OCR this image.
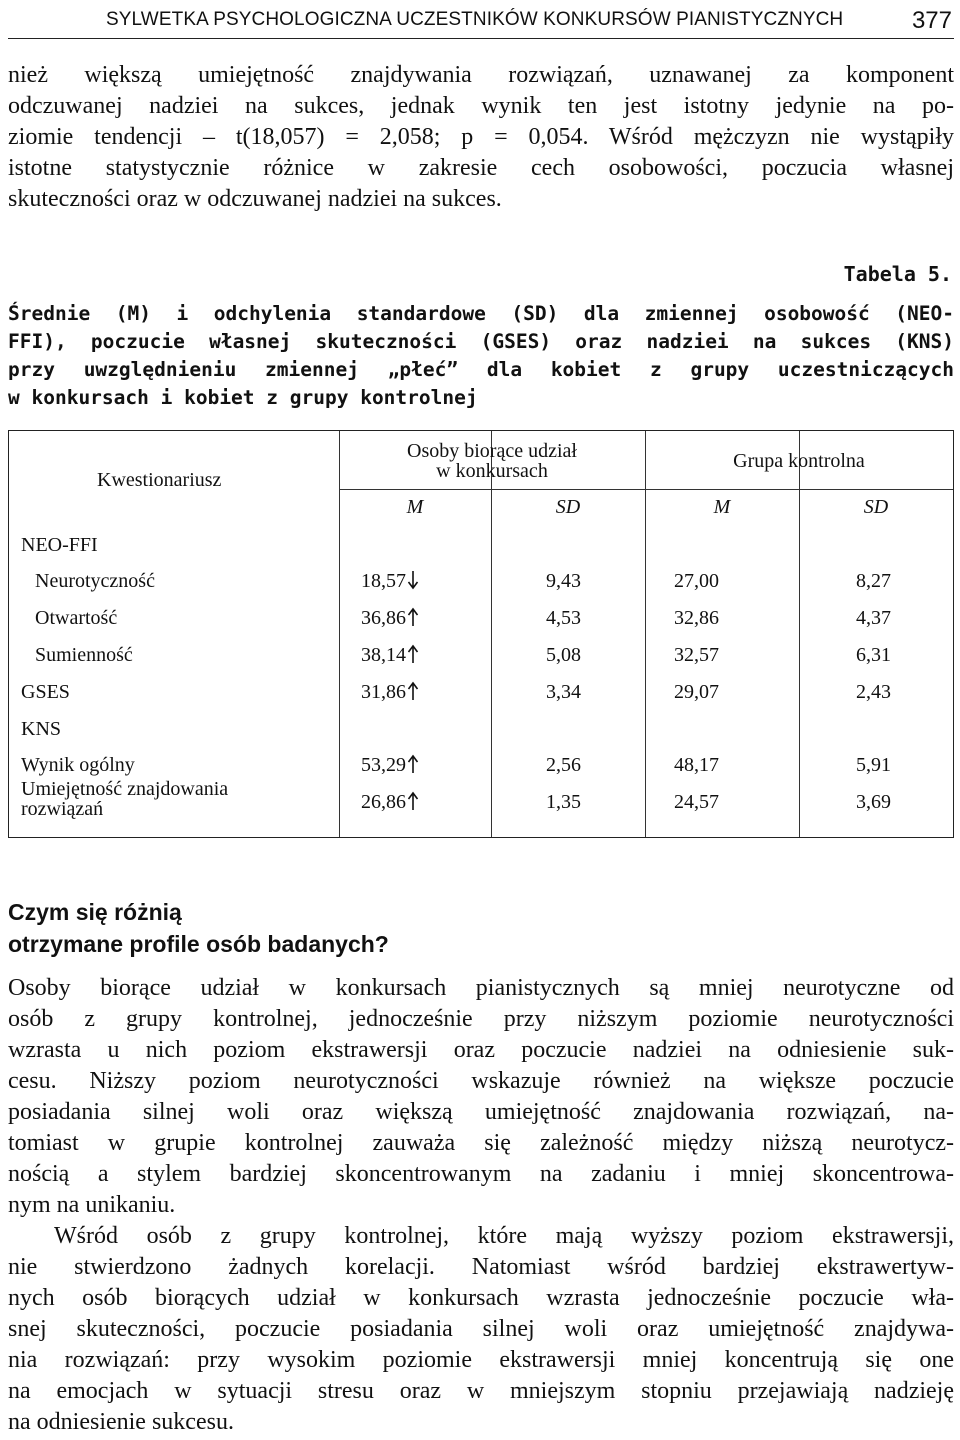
SYLWETKA PSYCHOLOGICZNA UCZESTNIKÓW KONKURSÓW PIANISTYCZNYCH	377
nież większą umiejętność znajdywania rozwiązań, uznawanej za komponent
odczuwanej nadziei na sukces, jednak wynik ten jest istotny jedynie na po-
ziomie tendencji – t(18,057) = 2,058; p = 0,054. Wśród mężczyzn nie wystąpiły
istotne statystycznie różnice w zakresie cech osobowości, poczucia własnej
skuteczności oraz w odczuwanej nadziei na sukces.
Tabela 5.
Średnie (M) i odchylenia standardowe (SD) dla zmiennej osobowość (NEO-
FFI), poczucie własnej skuteczności (GSES) oraz nadziei na sukces (KNS)
przy uwzględnieniu zmiennej „płeć” dla kobiet z grupy uczestniczących
w konkursach i kobiet z grupy kontrolnej
Kwestionariusz
Osoby biorące udział
w konkursach	Grupa kontrolna
M	SD	M	SD
NEO-FFI
Neurotyczność	18,57	9,43	27,00	8,27
Otwartość	36,86	4,53	32,86	4,37
Sumienność	38,14	5,08	32,57	6,31
GSES	31,86	3,34	29,07	2,43
KNS
Wynik ogólny	53,29	2,56	48,17	5,91
Umiejętność znajdowania rozwiązań	26,86	1,35	24,57	3,69
Czym się różnią
otrzymane profile osób badanych?
Osoby biorące udział w konkursach pianistycznych są mniej neurotyczne od
osób z grupy kontrolnej, jednocześnie przy niższym poziomie neurotyczności
wzrasta u nich poziom ekstrawersji oraz poczucie nadziei na odniesienie suk-
cesu. Niższy poziom neurotyczności wskazuje również na większe poczucie
posiadania silnej woli oraz większą umiejętność znajdowania rozwiązań, na-
tomiast w grupie kontrolnej zauważa się zależność między niższą neurotycz-
nością a stylem bardziej skoncentrowanym na zadaniu i mniej skoncentrowa-
nym na unikaniu.
Wśród osób z grupy kontrolnej, które mają wyższy poziom ekstrawersji,
nie stwierdzono żadnych korelacji. Natomiast wśród bardziej ekstrawertyw-
nych osób biorących udział w konkursach wzrasta jednocześnie poczucie wła-
snej skuteczności, poczucie posiadania silnej woli oraz umiejętność znajdywa-
nia rozwiązań: przy wysokim poziomie ekstrawersji mniej koncentrują się one
na emocjach w sytuacji stresu oraz w mniejszym stopniu przejawiają nadzieję
na odniesienie sukcesu.
